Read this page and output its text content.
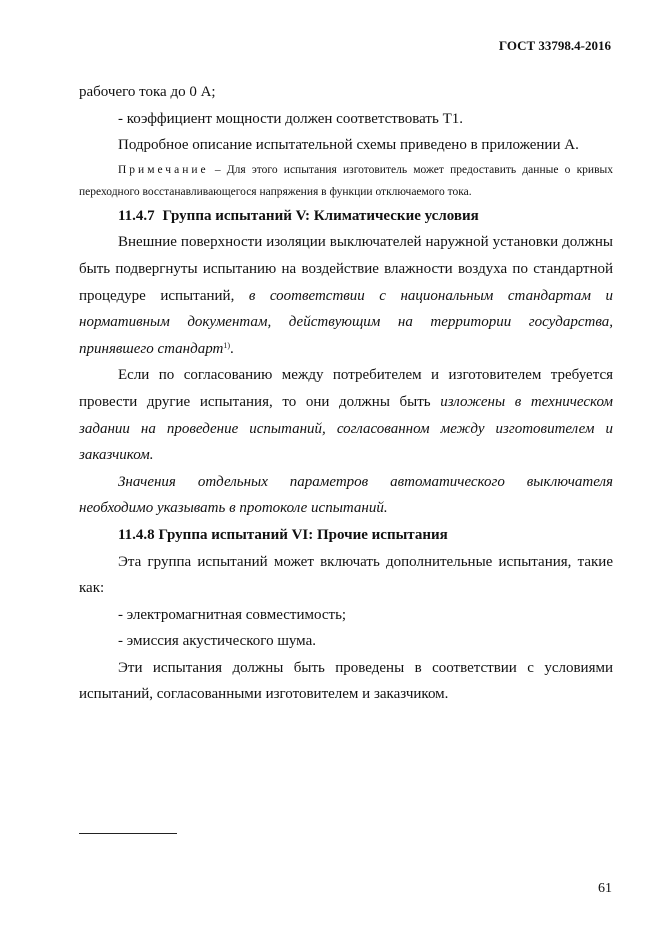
ГОСТ 33798.4-2016

рабочего тока до 0 А;

- коэффициент мощности должен соответствовать Т1.

Подробное описание испытательной схемы приведено в приложении А.

Примечание – Для этого испытания изготовитель может предоставить данные о кривых переходного восстанавливающегося напряжения в функции отключаемого тока.

11.4.7 Группа испытаний V: Климатические условия

Внешние поверхности изоляции выключателей наружной установки должны быть подвергнуты испытанию на воздействие влажности воздуха по стандартной процедуре испытаний, в соответствии с национальным стандартам и нормативным документам, действующим на территории государства, принявшего стандарт$^{1)}$.

Если по согласованию между потребителем и изготовителем требуется провести другие испытания, то они должны быть изложены в техническом задании на проведение испытаний, согласованном между изготовителем и заказчиком.

Значения отдельных параметров автоматического выключателя необходимо указывать в протоколе испытаний.

11.4.8 Группа испытаний VI: Прочие испытания

Эта группа испытаний может включать дополнительные испытания, такие как:

- электромагнитная совместимость;

- эмиссия акустического шума.

Эти испытания должны быть проведены в соответствии с условиями испытаний, согласованными изготовителем и заказчиком.

61
